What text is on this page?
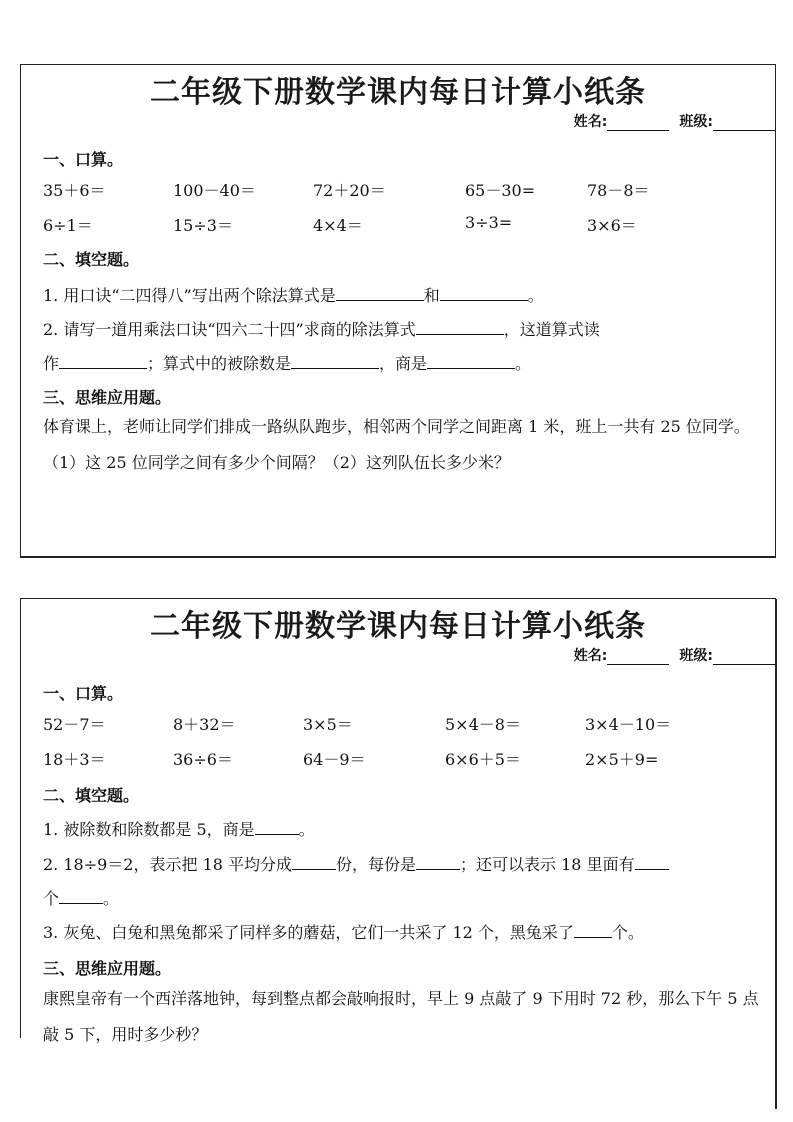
二年级下册数学课内每日计算小纸条
姓名:	班级:
一、口算。
35＋6＝	100－40＝	72＋20＝	65－30=	78－8＝
6÷1＝	15÷3＝	4×4＝	3÷3=	3×6＝
二、填空题。
1. 用口诀“二四得八”写出两个除法算式是	和	。
2. 请写一道用乘法口诀“四六二十四”求商的除法算式	，这道算式读
作	；算式中的被除数是	，商是	。
三、思维应用题。
体育课上，老师让同学们排成一路纵队跑步，相邻两个同学之间距离 1 米，班上一共有 25 位同学。（1）这 25 位同学之间有多少个间隔？（2）这列队伍长多少米？
二年级下册数学课内每日计算小纸条
姓名:	班级:
一、口算。
52－7＝	8＋32＝	3×5＝	5×4－8＝	3×4－10＝
18＋3＝	36÷6＝	64－9＝	6×6＋5＝	2×5＋9=
二、填空题。
1. 被除数和除数都是 5，商是	。
2. 18÷9＝2，表示把 18 平均分成	份，每份是	；还可以表示 18 里面有
个	。
3. 灰兔、白兔和黑兔都采了同样多的蘑菇，它们一共采了 12 个，黑兔采了 个。
三、思维应用题。
康熙皇帝有一个西洋落地钟，每到整点都会敲响报时，早上 9 点敲了 9 下用时 72 秒，那么下午 5 点敲 5 下，用时多少秒？
